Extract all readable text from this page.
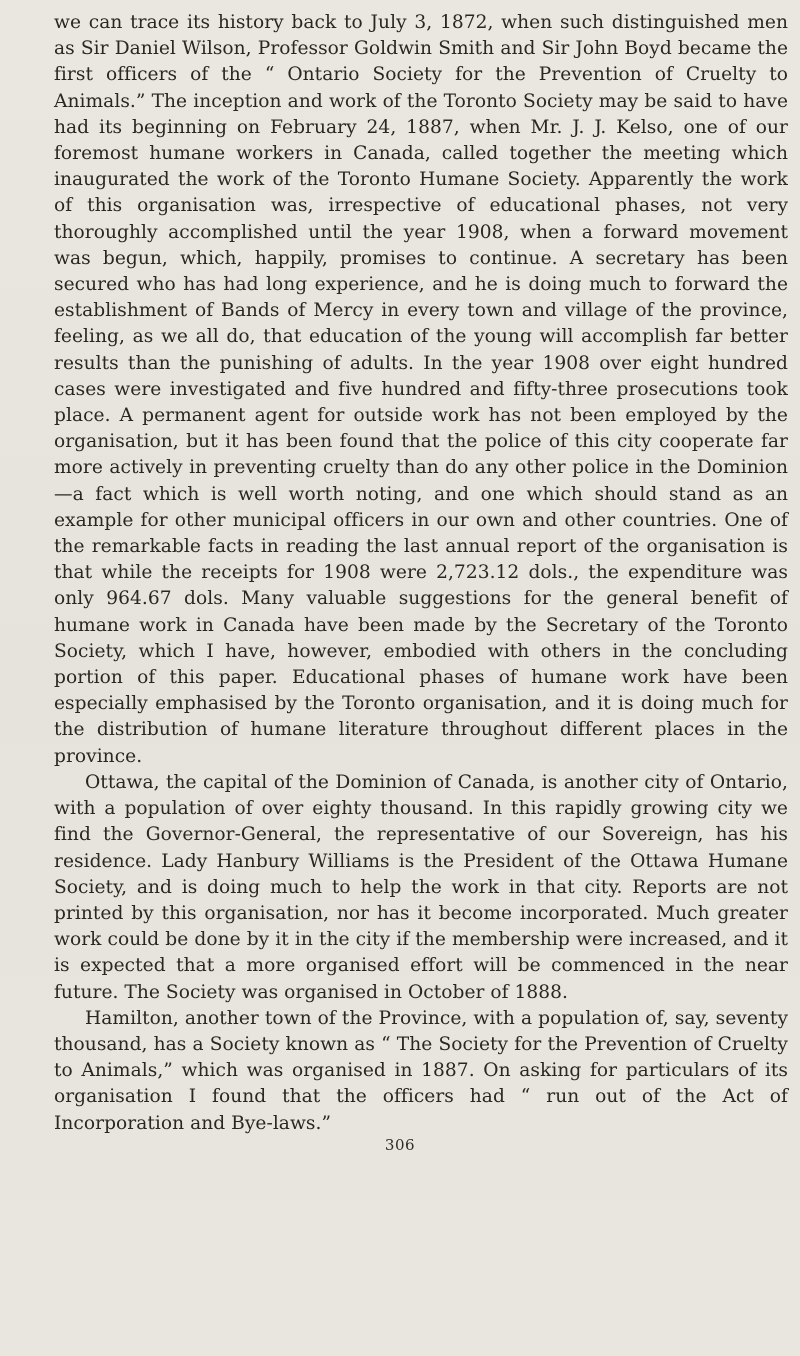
we can trace its history back to July 3, 1872, when such distinguished men as Sir Daniel Wilson, Professor Goldwin Smith and Sir John Boyd became the first officers of the “ Ontario Society for the Prevention of Cruelty to Animals.” The inception and work of the Toronto Society may be said to have had its beginning on February 24, 1887, when Mr. J. J. Kelso, one of our foremost humane workers in Canada, called together the meeting which inaugurated the work of the Toronto Humane Society. Apparently the work of this organisation was, irrespective of educational phases, not very thoroughly accomplished until the year 1908, when a forward movement was begun, which, happily, promises to continue. A secretary has been secured who has had long experience, and he is doing much to forward the establishment of Bands of Mercy in every town and village of the province, feeling, as we all do, that education of the young will accomplish far better results than the punishing of adults. In the year 1908 over eight hundred cases were investigated and five hundred and fifty-three prosecutions took place. A permanent agent for outside work has not been employed by the organisation, but it has been found that the police of this city cooperate far more actively in preventing cruelty than do any other police in the Dominion—a fact which is well worth noting, and one which should stand as an example for other municipal officers in our own and other countries. One of the remarkable facts in reading the last annual report of the organisation is that while the receipts for 1908 were 2,723.12 dols., the expenditure was only 964.67 dols. Many valuable suggestions for the general benefit of humane work in Canada have been made by the Secretary of the Toronto Society, which I have, however, embodied with others in the concluding portion of this paper. Educational phases of humane work have been especially emphasised by the Toronto organisation, and it is doing much for the distribution of humane literature throughout different places in the province.

Ottawa, the capital of the Dominion of Canada, is another city of Ontario, with a population of over eighty thousand. In this rapidly growing city we find the Governor-General, the representative of our Sovereign, has his residence. Lady Hanbury Williams is the President of the Ottawa Humane Society, and is doing much to help the work in that city. Reports are not printed by this organisation, nor has it become incorporated. Much greater work could be done by it in the city if the membership were increased, and it is expected that a more organised effort will be commenced in the near future. The Society was organised in October of 1888.

Hamilton, another town of the Province, with a population of, say, seventy thousand, has a Society known as “ The Society for the Prevention of Cruelty to Animals,” which was organised in 1887. On asking for particulars of its organisation I found that the officers had “ run out of the Act of Incorporation and Bye-laws.”

306
